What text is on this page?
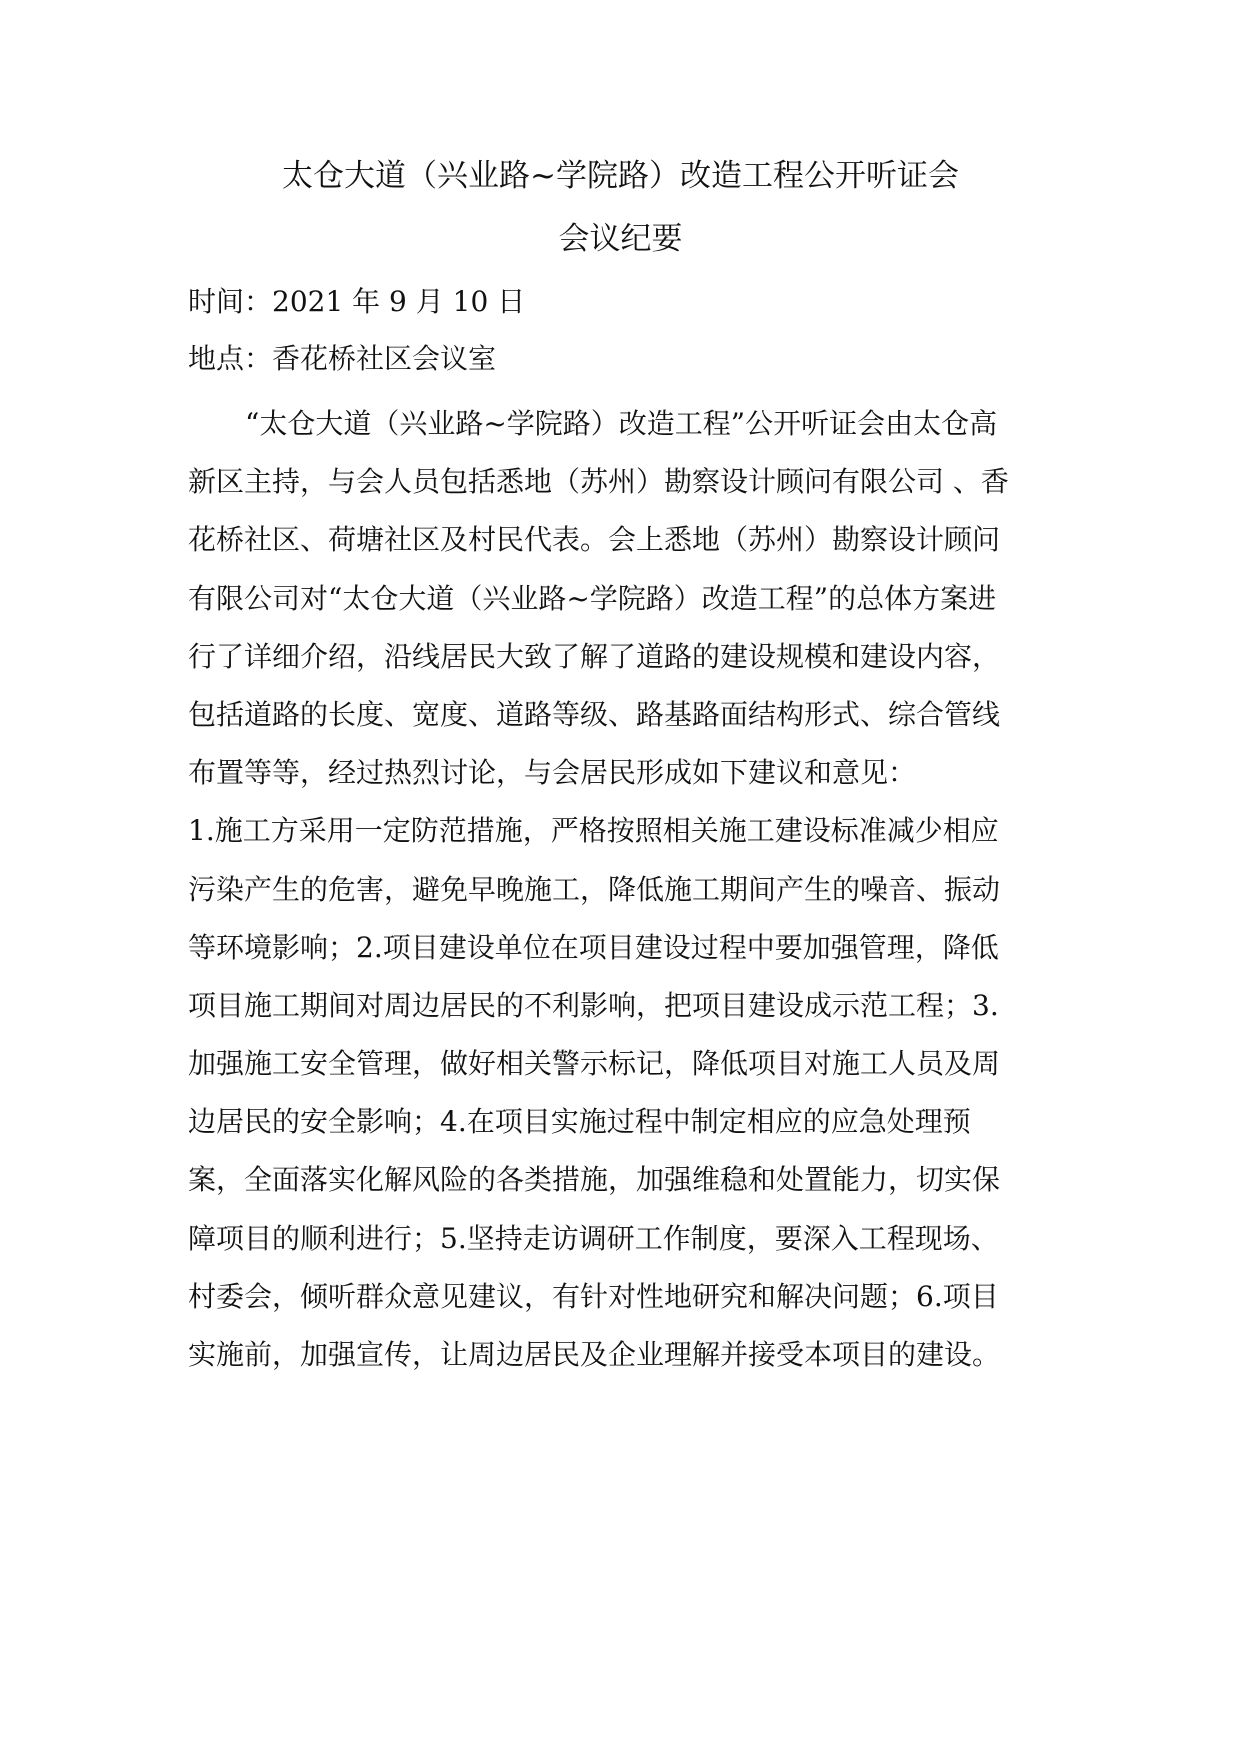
太仓大道（兴业路~学院路）改造工程公开听证会
会议纪要
时间：2021 年 9 月 10 日
地点：香花桥社区会议室
“太仓大道（兴业路~学院路）改造工程”公开听证会由太仓高
新区主持，与会人员包括悉地（苏州）勘察设计顾问有限公司 、香
花桥社区、荷塘社区及村民代表。会上悉地（苏州）勘察设计顾问
有限公司对“太仓大道（兴业路~学院路）改造工程”的总体方案进
行了详细介绍，沿线居民大致了解了道路的建设规模和建设内容，
包括道路的长度、宽度、道路等级、路基路面结构形式、综合管线
布置等等，经过热烈讨论，与会居民形成如下建议和意见：
1.施工方采用一定防范措施，严格按照相关施工建设标准减少相应
污染产生的危害，避免早晚施工，降低施工期间产生的噪音、振动
等环境影响；2.项目建设单位在项目建设过程中要加强管理，降低
项目施工期间对周边居民的不利影响，把项目建设成示范工程；3.
加强施工安全管理，做好相关警示标记，降低项目对施工人员及周
边居民的安全影响；4.在项目实施过程中制定相应的应急处理预
案，全面落实化解风险的各类措施，加强维稳和处置能力，切实保
障项目的顺利进行；5.坚持走访调研工作制度，要深入工程现场、
村委会，倾听群众意见建议，有针对性地研究和解决问题；6.项目
实施前，加强宣传，让周边居民及企业理解并接受本项目的建设。
